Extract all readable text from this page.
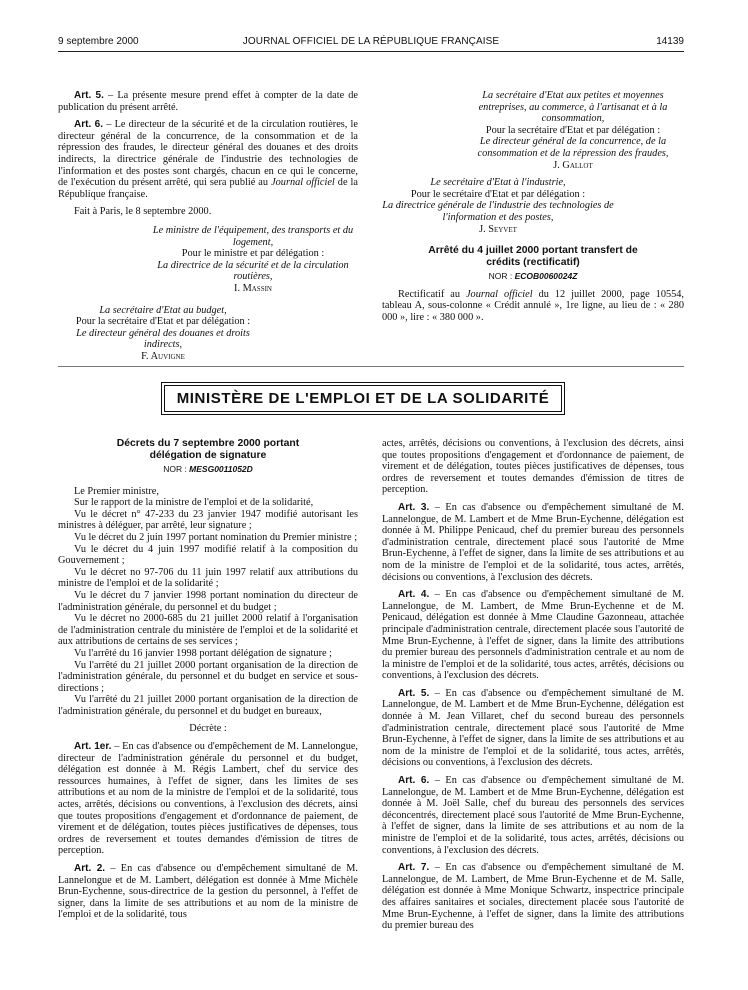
9 septembre 2000	JOURNAL OFFICIEL DE LA RÉPUBLIQUE FRANÇAISE	14139

Art. 5. – La présente mesure prend effet à compter de la date de publication du présent arrêté.

Art. 6. – Le directeur de la sécurité et de la circulation routières, le directeur général de la concurrence, de la consommation et de la répression des fraudes, le directeur général des douanes et des droits indirects, la directrice générale de l'industrie des technologies de l'information et des postes sont chargés, chacun en ce qui le concerne, de l'exécution du présent arrêté, qui sera publié au Journal officiel de la République française.

Fait à Paris, le 8 septembre 2000.

Le ministre de l'équipement, des transports et du logement,

Pour le ministre et par délégation :

La directrice de la sécurité et de la circulation routières,

I. Massin

La secrétaire d'Etat au budget,

Pour la secrétaire d'Etat et par délégation :

Le directeur général des douanes et droits indirects,

F. Auvigne

La secrétaire d'Etat aux petites et moyennes entreprises, au commerce, à l'artisanat et à la consommation,

Pour la secrétaire d'Etat et par délégation :

Le directeur général de la concurrence, de la consommation et de la répression des fraudes,

J. Gallot

Le secrétaire d'Etat à l'industrie,

Pour le secrétaire d'Etat et par délégation :

La directrice générale de l'industrie des technologies de l'information et des postes,

J. Seyvet

Arrêté du 4 juillet 2000 portant transfert de crédits (rectificatif)

NOR : ECOB0060024Z

Rectificatif au Journal officiel du 12 juillet 2000, page 10554, tableau A, sous-colonne « Crédit annulé », 1re ligne, au lieu de : « 280 000 », lire : « 380 000 ».

MINISTÈRE DE L'EMPLOI ET DE LA SOLIDARITÉ

Décrets du 7 septembre 2000 portant délégation de signature

NOR : MESG0011052D

Le Premier ministre,

Sur le rapport de la ministre de l'emploi et de la solidarité,

Vu le décret n° 47-233 du 23 janvier 1947 modifié autorisant les ministres à déléguer, par arrêté, leur signature ;

Vu le décret du 2 juin 1997 portant nomination du Premier ministre ;

Vu le décret du 4 juin 1997 modifié relatif à la composition du Gouvernement ;

Vu le décret no 97-706 du 11 juin 1997 relatif aux attributions du ministre de l'emploi et de la solidarité ;

Vu le décret du 7 janvier 1998 portant nomination du directeur de l'administration générale, du personnel et du budget ;

Vu le décret no 2000-685 du 21 juillet 2000 relatif à l'organisation de l'administration centrale du ministère de l'emploi et de la solidarité et aux attributions de certains de ses services ;

Vu l'arrêté du 16 janvier 1998 portant délégation de signature ;

Vu l'arrêté du 21 juillet 2000 portant organisation de la direction de l'administration générale, du personnel et du budget en service et sous-directions ;

Vu l'arrêté du 21 juillet 2000 portant organisation de la direction de l'administration générale, du personnel et du budget en bureaux,

Décrète :

Art. 1er. – En cas d'absence ou d'empêchement de M. Lannelongue, directeur de l'administration générale du personnel et du budget, délégation est donnée à M. Régis Lambert, chef du service des ressources humaines, à l'effet de signer, dans les limites de ses attributions et au nom de la ministre de l'emploi et de la solidarité, tous actes, arrêtés, décisions ou conventions, à l'exclusion des décrets, ainsi que toutes propositions d'engagement et d'ordonnance de paiement, de virement et de délégation, toutes pièces justificatives de dépenses, tous ordres de reversement et toutes demandes d'émission de titres de perception.

Art. 2. – En cas d'absence ou d'empêchement simultané de M. Lannelongue et de M. Lambert, délégation est donnée à Mme Michèle Brun-Eychenne, sous-directrice de la gestion du personnel, à l'effet de signer, dans la limite de ses attributions et au nom de la ministre de l'emploi et de la solidarité, tous

actes, arrêtés, décisions ou conventions, à l'exclusion des décrets, ainsi que toutes propositions d'engagement et d'ordonnance de paiement, de virement et de délégation, toutes pièces justificatives de dépenses, tous ordres de reversement et toutes demandes d'émission de titres de perception.

Art. 3. – En cas d'absence ou d'empêchement simultané de M. Lannelongue, de M. Lambert et de Mme Brun-Eychenne, délégation est donnée à M. Philippe Penicaud, chef du premier bureau des personnels d'administration centrale, directement placé sous l'autorité de Mme Brun-Eychenne, à l'effet de signer, dans la limite de ses attributions et au nom de la ministre de l'emploi et de la solidarité, tous actes, arrêtés, décisions ou conventions, à l'exclusion des décrets.

Art. 4. – En cas d'absence ou d'empêchement simultané de M. Lannelongue, de M. Lambert, de Mme Brun-Eychenne et de M. Penicaud, délégation est donnée à Mme Claudine Gazonneau, attachée principale d'administration centrale, directement placée sous l'autorité de Mme Brun-Eychenne, à l'effet de signer, dans la limite des attributions du premier bureau des personnels d'administration centrale et au nom de la ministre de l'emploi et de la solidarité, tous actes, arrêtés, décisions ou conventions, à l'exclusion des décrets.

Art. 5. – En cas d'absence ou d'empêchement simultané de M. Lannelongue, de M. Lambert et de Mme Brun-Eychenne, délégation est donnée à M. Jean Villaret, chef du second bureau des personnels d'administration centrale, directement placé sous l'autorité de Mme Brun-Eychenne, à l'effet de signer, dans la limite de ses attributions et au nom de la ministre de l'emploi et de la solidarité, tous actes, arrêtés, décisions ou conventions, à l'exclusion des décrets.

Art. 6. – En cas d'absence ou d'empêchement simultané de M. Lannelongue, de M. Lambert et de Mme Brun-Eychenne, délégation est donnée à M. Joël Salle, chef du bureau des personnels des services déconcentrés, directement placé sous l'autorité de Mme Brun-Eychenne, à l'effet de signer, dans la limite de ses attributions et au nom de la ministre de l'emploi et de la solidarité, tous actes, arrêtés, décisions ou conventions, à l'exclusion des décrets.

Art. 7. – En cas d'absence ou d'empêchement simultané de M. Lannelongue, de M. Lambert, de Mme Brun-Eychenne et de M. Salle, délégation est donnée à Mme Monique Schwartz, inspectrice principale des affaires sanitaires et sociales, directement placée sous l'autorité de Mme Brun-Eychenne, à l'effet de signer, dans la limite des attributions du premier bureau des
